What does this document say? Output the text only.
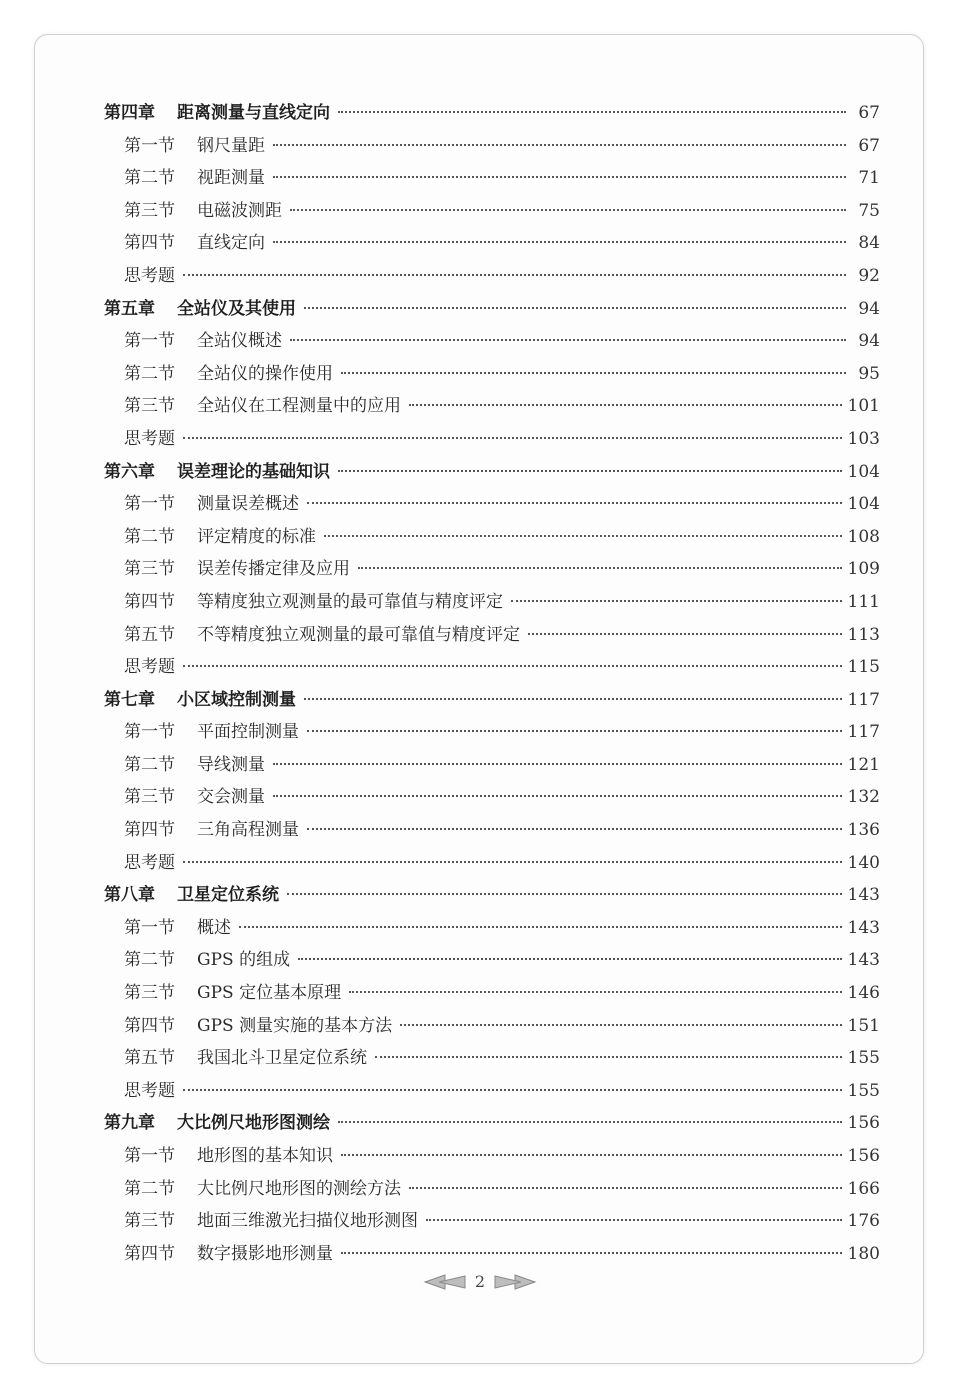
第四章 距离测量与直线定向	67
第一节 钢尺量距	67
第二节 视距测量	71
第三节 电磁波测距	75
第四节 直线定向	84
思考题	92
第五章 全站仪及其使用	94
第一节 全站仪概述	94
第二节 全站仪的操作使用	95
第三节 全站仪在工程测量中的应用	101
思考题	103
第六章 误差理论的基础知识	104
第一节 测量误差概述	104
第二节 评定精度的标准	108
第三节 误差传播定律及应用	109
第四节 等精度独立观测量的最可靠值与精度评定	111
第五节 不等精度独立观测量的最可靠值与精度评定	113
思考题	115
第七章 小区域控制测量	117
第一节 平面控制测量	117
第二节 导线测量	121
第三节 交会测量	132
第四节 三角高程测量	136
思考题	140
第八章 卫星定位系统	143
第一节 概述	143
第二节 GPS 的组成	143
第三节 GPS 定位基本原理	146
第四节 GPS 测量实施的基本方法	151
第五节 我国北斗卫星定位系统	155
思考题	155
第九章 大比例尺地形图测绘	156
第一节 地形图的基本知识	156
第二节 大比例尺地形图的测绘方法	166
第三节 地面三维激光扫描仪地形测图	176
第四节 数字摄影地形测量	180
2
